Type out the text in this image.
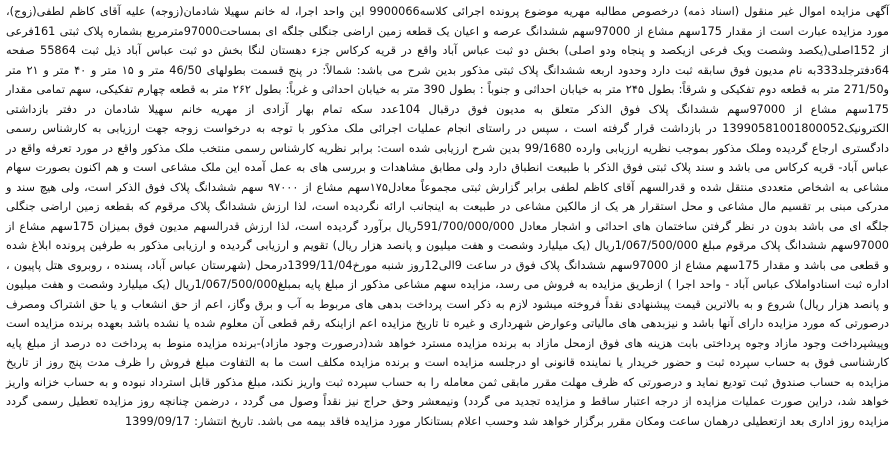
آگهی مزایده اموال غیر منقول (اسناد ذمه) درخصوص مطالبه مهریه موضوع پرونده اجرائی کلاسه9900066 این واحد اجرا، له خانم سهیلا شادمان(زوجه) علیه آقای کاظم لطفی(زوج)، مورد مزایده عبارت است از مقدار 175سهم مشاع از 97000سهم ششدانگ عرصه و اعیان یک قطعه زمین اراضی جنگلی جلگه ای بمساحت97000مترمربع بشماره پلاک ثبتی 161فرعی از 152اصلی(یکصد وشصت ویک فرعی ازیکصد و پنجاه ودو اصلی) بخش دو ثبت عباس آباد واقع در قریه کرکاس جزء دهستان لنگا بخش دو ثبت عباس آباد ذیل ثبت 55864 صفحه 64دفترجلد333به نام مدیون فوق سابقه ثبت دارد وحدود اربعه ششدانگ پلاک ثبتی مذکور بدین شرح می باشد: شمالاً: در پنج قسمت بطولهای 46/50 متر و ۱۵ متر و ۴۰ متر و ۲۱ متر و271/50 متر به قطعه دوم تفکیکی و شرقاً: بطول ۲۴۵ متر به خیابان احداثی و جنوباً : بطول 390 متر به خیابان احداثی و غرباً: بطول ۲۶۲ متر به قطعه چهارم تفکیکی، سهم تمامی مقدار 175سهم مشاع از 97000سهم ششدانگ پلاک فوق الذکر متعلق به مدیون فوق درقبال 104عدد سکه تمام بهار آزادی از مهریه خانم سهیلا شادمان در دفتر بازداشتی الکترونیک13990581001800052 در بازداشت قرار گرفته است ، سپس در راستای انجام عملیات اجرائی ملک مذکور با توجه به درخواست زوجه جهت ارزیابی به کارشناس رسمی دادگستری ارجاع گردیده وملک مذکور بموجب نظریه ارزیابی وارده 99/1680 بدین شرح ارزیابی شده است: برابر نظریه کارشناس رسمی منتخب ملک مذکور واقع در مورد تعرفه واقع در عباس آباد- قریه کرکاس می باشد و سند پلاک ثبتی فوق الذکر با طبیعت انطباق دارد ولی مطابق مشاهدات و بررسی های به عمل آمده این ملک مشاعی است و هم اکنون بصورت سهام مشاعی به اشخاص متعددی منتقل شده و قدرالسهم آقای کاظم لطفی برابر گزارش ثبتی مجموعاً معادل۱۷۵سهم مشاع از ۹۷۰۰۰ سهم ششدانگ پلاک فوق الذکر است، ولی هیچ سند و مدرکی مبنی بر تقسیم مال مشاعی و محل استقرار هر یک از مالکین مشاعی در طبیعت به اینجانب ارائه نگردیده است، لذا ارزش ششدانگ پلاک مرقوم که بقطعه زمین اراضی جنگلی جلگه ای می باشد بدون در نظر گرفتن ساختمان های احداثی و اشجار معادل 591/700/000/000ریال برآورد گردیده است، لذا ارزش قدرالسهم مدیون فوق بمیزان 175سهم مشاع از 97000سهم ششدانگ پلاک مرقوم مبلغ 1/067/500/000ریال (یک میلیارد وشصت و هفت میلیون و پانصد هزار ریال) تقویم و ارزیابی گردیده و ارزیابی مذکور به طرفین پرونده ابلاغ شده و قطعی می باشد و مقدار 175سهم مشاع از 97000سهم ششدانگ پلاک فوق در ساعت 9الی12روز شنبه مورخ1399/11/04درمحل (شهرستان عباس آباد، پسنده ، روبروی هتل پاپیون ، اداره ثبت اسنادواملاک عباس آباد - واحد اجرا ) ازطریق مزایده به فروش می رسد، مزایده سهم مشاعی مذکور از مبلغ پایه بمبلغ1/067/500/000ریال (یک میلیارد وشصت و هفت میلیون و پانصد هزار ریال) شروع و به بالاترین قیمت پیشنهادی نقداً فروخته میشود لازم به ذکر است پرداخت بدهی های مربوط به آب و برق وگاز، اعم از حق انشعاب و یا حق اشتراک ومصرف درصورتی که مورد مزایده دارای آنها باشد و نیزبدهی های مالیاتی وعوارض شهرداری و غیره تا تاریخ مزایده اعم ازاینکه رقم قطعی آن معلوم شده یا نشده باشد بعهده برنده مزایده است وپیشپرداخت وجود مازاد وجوه پرداختی بابت هزینه های فوق ازمحل مازاد به برنده مزایده مسترد خواهد شد(درصورت وجود مازاد)-برنده مزایده منوط به پرداخت ده درصد از مبلغ پایه کارشناسی فوق به حساب سپرده ثبت و حضور خریدار یا نماینده قانونی او درجلسه مزایده است و برنده مزایده مکلف است ما به التفاوت مبلغ فروش را ظرف مدت پنج روز از تاریخ مزایده به حساب صندوق ثبت تودیع نماید و درصورتی که ظرف مهلت مقرر مابقی ثمن معامله را به حساب سپرده ثبت واریز نکند، مبلغ مذکور قابل استرداد نبوده و به حساب خزانه واریز خواهد شد، دراین صورت عملیات مزایده از درجه اعتبار ساقط و مزایده تجدید می گردد) ونیمعشر وحق حراج نیز نقداً وصول می گردد ، درضمن چنانچه روز مزایده تعطیل رسمی گردد مزایده روز اداری بعد ازتعطیلی درهمان ساعت ومکان مقرر برگزار خواهد شد وحسب اعلام بستانکار مورد مزایده فاقد بیمه می باشد. تاریخ انتشار: 1399/09/17
